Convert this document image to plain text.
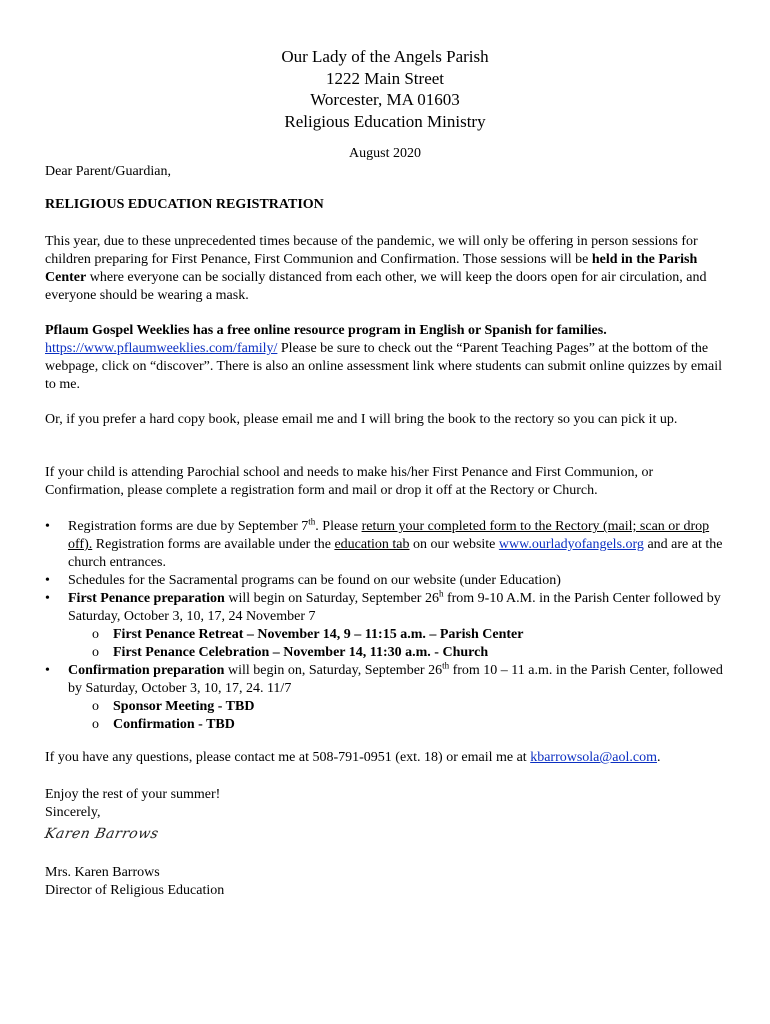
Our Lady of the Angels Parish
1222 Main Street
Worcester, MA 01603
Religious Education Ministry
August 2020
Dear Parent/Guardian,
RELIGIOUS EDUCATION REGISTRATION
This year, due to these unprecedented times because of the pandemic, we will only be offering in person sessions for children preparing for First Penance, First Communion and Confirmation. Those sessions will be held in the Parish Center where everyone can be socially distanced from each other, we will keep the doors open for air circulation, and everyone should be wearing a mask.
Pflaum Gospel Weeklies has a free online resource program in English or Spanish for families.
https://www.pflaumweeklies.com/family/ Please be sure to check out the “Parent Teaching Pages” at the bottom of the webpage, click on “discover”. There is also an online assessment link where students can submit online quizzes by email to me.
Or, if you prefer a hard copy book, please email me and I will bring the book to the rectory so you can pick it up.
If your child is attending Parochial school and needs to make his/her First Penance and First Communion, or Confirmation, please complete a registration form and mail or drop it off at the Rectory or Church.
• Registration forms are due by September 7th. Please return your completed form to the Rectory (mail; scan or drop off). Registration forms are available under the education tab on our website www.ourladyofangels.org and are at the church entrances.
• Schedules for the Sacramental programs can be found on our website (under Education)
• First Penance preparation will begin on Saturday, September 26$^h$ from 9-10 A.M. in the Parish Center followed by Saturday, October 3, 10, 17, 24 November 7
o First Penance Retreat – November 14, 9 – 11:15 a.m. – Parish Center
o First Penance Celebration – November 14, 11:30 a.m. - Church
• Confirmation preparation will begin on, Saturday, September 26th from 10 – 11 a.m. in the Parish Center, followed by Saturday, October 3, 10, 17, 24. 11/7
o Sponsor Meeting - TBD
o Confirmation - TBD
If you have any questions, please contact me at 508-791-0951 (ext. 18) or email me at kbarrowsola@aol.com.
Enjoy the rest of your summer!
Sincerely,
Karen Barrows
Mrs. Karen Barrows
Director of Religious Education
